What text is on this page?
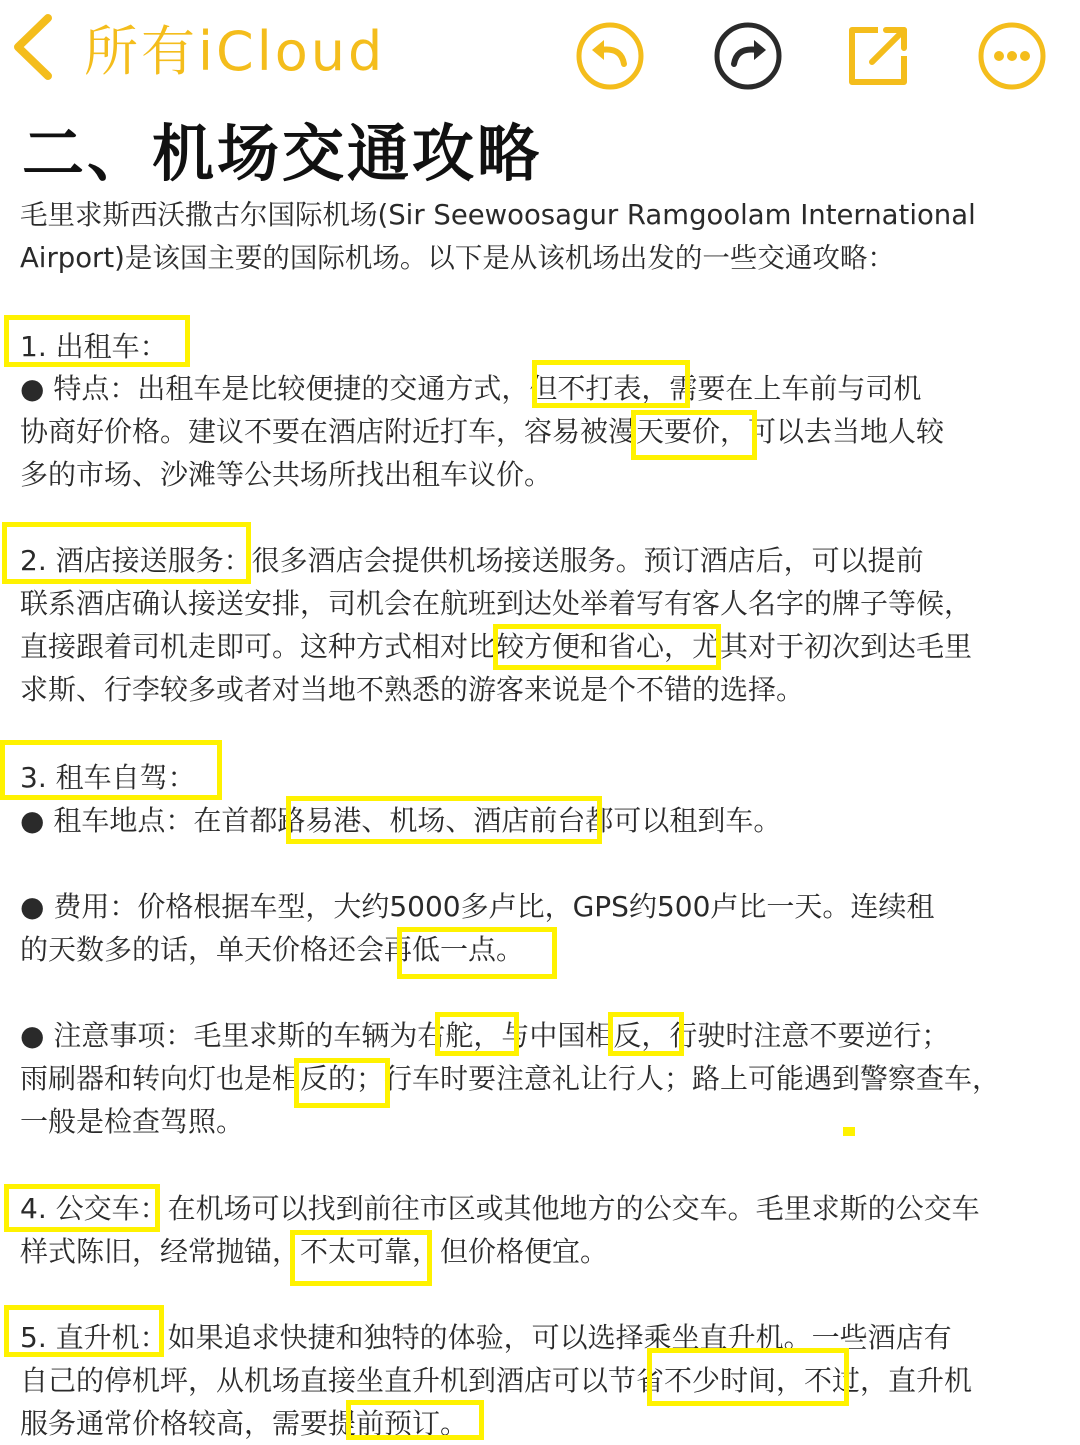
所有iCloud
二、机场交通攻略
毛里求斯西沃撒古尔国际机场(Sir Seewoosagur Ramgoolam International
Airport)是该国主要的国际机场。以下是从该机场出发的一些交通攻略：
1. 出租车：
● 特点：出租车是比较便捷的交通方式，但不打表，需要在上车前与司机
协商好价格。建议不要在酒店附近打车，容易被漫天要价，可以去当地人较
多的市场、沙滩等公共场所找出租车议价。
2. 酒店接送服务：很多酒店会提供机场接送服务。预订酒店后，可以提前
联系酒店确认接送安排，司机会在航班到达处举着写有客人名字的牌子等候，
直接跟着司机走即可。这种方式相对比较方便和省心，尤其对于初次到达毛里
求斯、行李较多或者对当地不熟悉的游客来说是个不错的选择。
3. 租车自驾：
● 租车地点：在首都路易港、机场、酒店前台都可以租到车。
● 费用：价格根据车型，大约5000多卢比，GPS约500卢比一天。连续租
的天数多的话，单天价格还会再低一点。
● 注意事项：毛里求斯的车辆为右舵，与中国相反，行驶时注意不要逆行；
雨刷器和转向灯也是相反的；行车时要注意礼让行人；路上可能遇到警察查车，
一般是检查驾照。
4. 公交车：在机场可以找到前往市区或其他地方的公交车。毛里求斯的公交车
样式陈旧，经常抛锚，不太可靠，但价格便宜。
5. 直升机：如果追求快捷和独特的体验，可以选择乘坐直升机。一些酒店有
自己的停机坪，从机场直接坐直升机到酒店可以节省不少时间，不过，直升机
服务通常价格较高，需要提前预订。
